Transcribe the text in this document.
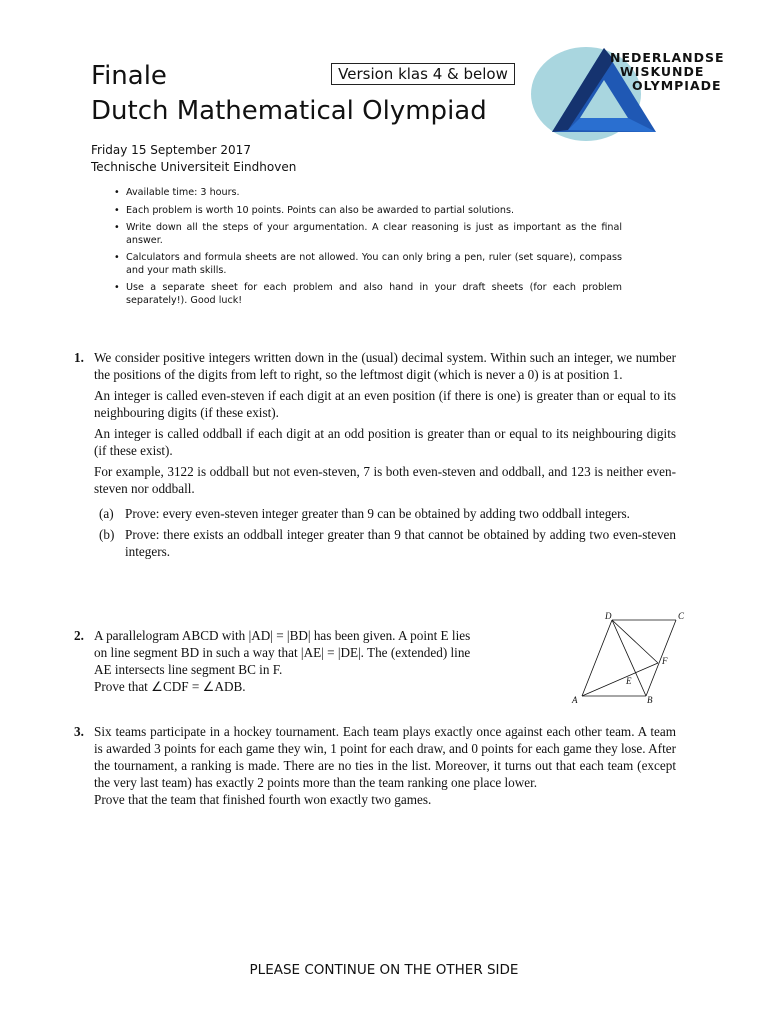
Finale
Dutch Mathematical Olympiad
Version klas 4 & below
Friday 15 September 2017
Technische Universiteit Eindhoven
NEDERLANDSE
WISKUNDE
OLYMPIADE
• Available time: 3 hours.
• Each problem is worth 10 points. Points can also be awarded to partial solutions.
• Write down all the steps of your argumentation. A clear reasoning is just as important as the final answer.
• Calculators and formula sheets are not allowed. You can only bring a pen, ruler (set square), compass and your math skills.
• Use a separate sheet for each problem and also hand in your draft sheets (for each problem separately!). Good luck!
1. We consider positive integers written down in the (usual) decimal system. Within such an integer, we number the positions of the digits from left to right, so the leftmost digit (which is never a 0) is at position 1.

An integer is called even-steven if each digit at an even position (if there is one) is greater than or equal to its neighbouring digits (if these exist).

An integer is called oddball if each digit at an odd position is greater than or equal to its neighbouring digits (if these exist).

For example, 3122 is oddball but not even-steven, 7 is both even-steven and oddball, and 123 is neither even-steven nor oddball.

(a) Prove: every even-steven integer greater than 9 can be obtained by adding two oddball integers.
(b) Prove: there exists an oddball integer greater than 9 that cannot be obtained by adding two even-steven integers.
2. A parallelogram ABCD with |AD| = |BD| has been given. A point E lies
on line segment BD in such a way that |AE| = |DE|. The (extended) line
AE intersects line segment BC in F.
Prove that ∠CDF = ∠ADB.
A	B
C
D
E
F
3. Six teams participate in a hockey tournament. Each team plays exactly once against each other team. A team is awarded 3 points for each game they win, 1 point for each draw, and 0 points for each game they lose. After the tournament, a ranking is made. There are no ties in the list. Moreover, it turns out that each team (except the very last team) has exactly 2 points more than the team ranking one place lower.

Prove that the team that finished fourth won exactly two games.

PLEASE CONTINUE ON THE OTHER SIDE
